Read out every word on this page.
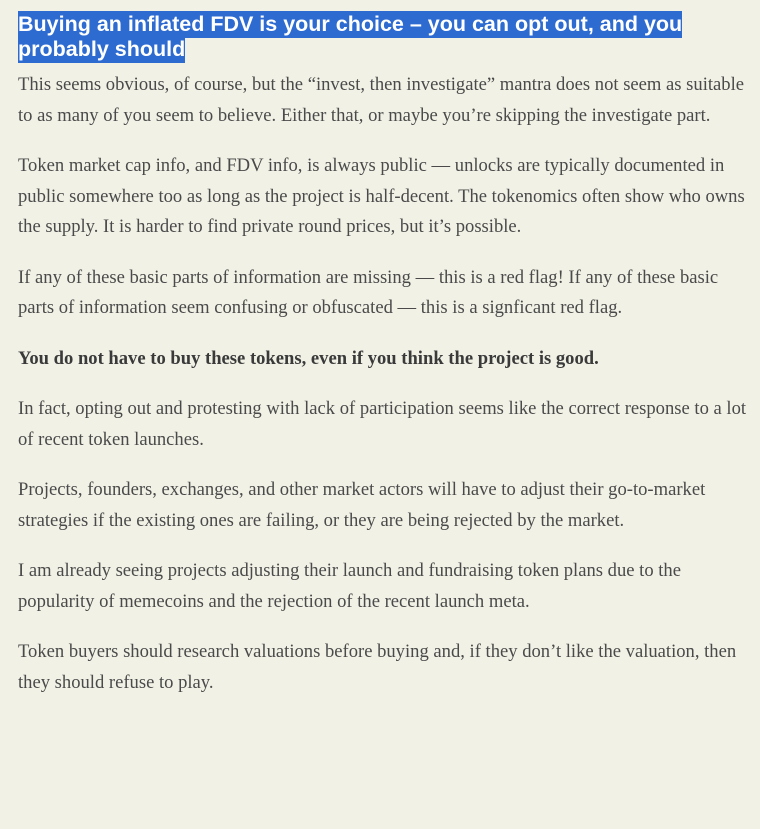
Buying an inflated FDV is your choice – you can opt out, and you probably should

This seems obvious, of course, but the “invest, then investigate” mantra does not seem as suitable to as many of you seem to believe. Either that, or maybe you’re skipping the investigate part.

Token market cap info, and FDV info, is always public — unlocks are typically documented in public somewhere too as long as the project is half-decent. The tokenomics often show who owns the supply. It is harder to find private round prices, but it’s possible.

If any of these basic parts of information are missing — this is a red flag! If any of these basic parts of information seem confusing or obfuscated — this is a signficant red flag.

You do not have to buy these tokens, even if you think the project is good.

In fact, opting out and protesting with lack of participation seems like the correct response to a lot of recent token launches.

Projects, founders, exchanges, and other market actors will have to adjust their go-to-market strategies if the existing ones are failing, or they are being rejected by the market.

I am already seeing projects adjusting their launch and fundraising token plans due to the popularity of memecoins and the rejection of the recent launch meta.

Token buyers should research valuations before buying and, if they don’t like the valuation, then they should refuse to play.
